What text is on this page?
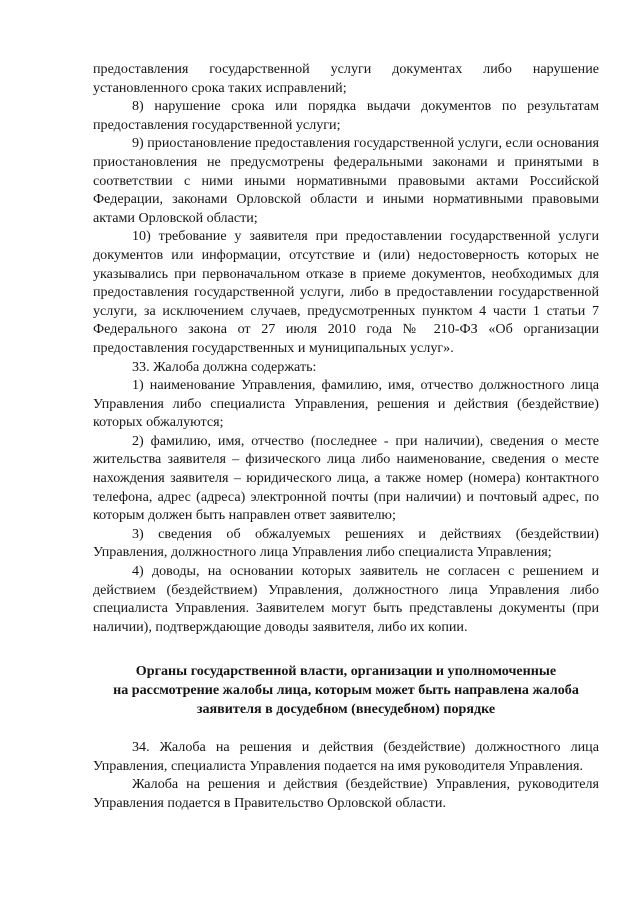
предоставления государственной услуги документах либо нарушение установленного срока таких исправлений;

8) нарушение срока или порядка выдачи документов по результатам предоставления государственной услуги;

9) приостановление предоставления государственной услуги, если основания приостановления не предусмотрены федеральными законами и принятыми в соответствии с ними иными нормативными правовыми актами Российской Федерации, законами Орловской области и иными нормативными правовыми актами Орловской области;

10) требование у заявителя при предоставлении государственной услуги документов или информации, отсутствие и (или) недостоверность которых не указывались при первоначальном отказе в приеме документов, необходимых для предоставления государственной услуги, либо в предоставлении государственной услуги, за исключением случаев, предусмотренных пунктом 4 части 1 статьи 7 Федерального закона от 27 июля 2010 года № 210-ФЗ «Об организации предоставления государственных и муниципальных услуг».

33. Жалоба должна содержать:

1) наименование Управления, фамилию, имя, отчество должностного лица Управления либо специалиста Управления, решения и действия (бездействие) которых обжалуются;

2) фамилию, имя, отчество (последнее - при наличии), сведения о месте жительства заявителя – физического лица либо наименование, сведения о месте нахождения заявителя – юридического лица, а также номер (номера) контактного телефона, адрес (адреса) электронной почты (при наличии) и почтовый адрес, по которым должен быть направлен ответ заявителю;

3) сведения об обжалуемых решениях и действиях (бездействии) Управления, должностного лица Управления либо специалиста Управления;

4) доводы, на основании которых заявитель не согласен с решением и действием (бездействием) Управления, должностного лица Управления либо специалиста Управления. Заявителем могут быть представлены документы (при наличии), подтверждающие доводы заявителя, либо их копии.

Органы государственной власти, организации и уполномоченные
на рассмотрение жалобы лица, которым может быть направлена жалоба
заявителя в досудебном (внесудебном) порядке

34. Жалоба на решения и действия (бездействие) должностного лица Управления, специалиста Управления подается на имя руководителя Управления.

Жалоба на решения и действия (бездействие) Управления, руководителя Управления подается в Правительство Орловской области.
